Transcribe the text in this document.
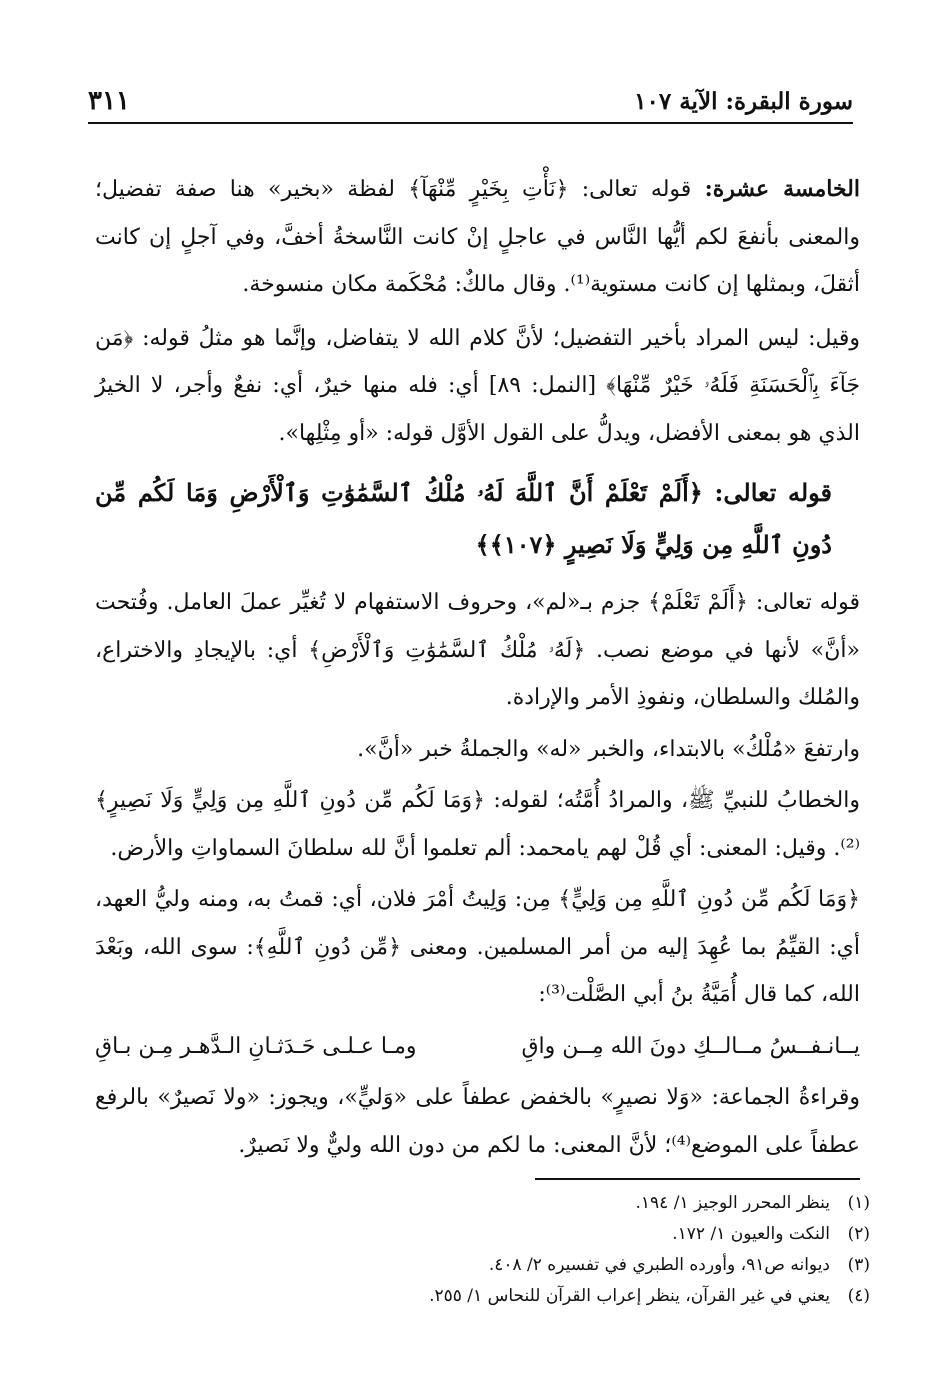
سورة البقرة: الآية ١٠٧
٣١١

الخامسة عشرة: قوله تعالى: ﴿نَأْتِ بِخَيْرٍ مِّنْهَآ﴾ لفظة «بخير» هنا صفة تفضيل؛ والمعنى بأنفعَ لكم أيُّها النَّاس في عاجلٍ إنْ كانت النَّاسخةُ أخفَّ، وفي آجلٍ إن كانت أثقلَ، وبمثلها إن كانت مستوية⁽¹⁾. وقال مالكٌ: مُحْكَمة مكان منسوخة.

وقيل: ليس المراد بأخير التفضيل؛ لأنَّ كلام الله لا يتفاضل، وإنَّما هو مثلُ قوله: ﴿مَن جَآءَ بِٱلْحَسَنَةِ فَلَهُۥ خَيْرٌ مِّنْهَا﴾ [النمل: ٨٩] أي: فله منها خيرٌ، أي: نفعٌ وأجر، لا الخيرُ الذي هو بمعنى الأفضل، ويدلُّ على القول الأوَّل قوله: «أو مِثْلِها».

قوله تعالى: ﴿أَلَمْ تَعْلَمْ أَنَّ ٱللَّهَ لَهُۥ مُلْكُ ٱلسَّمَٰوَٰتِ وَٱلْأَرْضِ وَمَا لَكُم مِّن دُونِ ٱللَّهِ مِن وَلِيٍّ وَلَا نَصِيرٍ ﴿١٠٧﴾﴾

قوله تعالى: ﴿أَلَمْ تَعْلَمْ﴾ جزم بـ«لم»، وحروف الاستفهام لا تُغيِّر عملَ العامل. وفُتحت «أنَّ» لأنها في موضع نصب. ﴿لَهُۥ مُلْكُ ٱلسَّمَٰوَٰتِ وَٱلْأَرْضِ﴾ أي: بالإيجادِ والاختراع، والمُلك والسلطان، ونفوذِ الأمر والإرادة.

وارتفعَ «مُلْكُ» بالابتداء، والخبر «له» والجملةُ خبر «أنَّ».

والخطابُ للنبيِّ ﷺ، والمرادُ أُمَّتُه؛ لقوله: ﴿وَمَا لَكُم مِّن دُونِ ٱللَّهِ مِن وَلِيٍّ وَلَا نَصِيرٍ﴾⁽²⁾. وقيل: المعنى: أي قُلْ لهم يامحمد: ألم تعلموا أنَّ لله سلطانَ السماواتِ والأرض.

﴿وَمَا لَكُم مِّن دُونِ ٱللَّهِ مِن وَلِيٍّ﴾ مِن: وَلِيتُ أمْرَ فلان، أي: قمتُ به، ومنه وليُّ العهد، أي: القيِّمُ بما عُهِدَ إليه من أمر المسلمين. ومعنى ﴿مِّن دُونِ ٱللَّهِ﴾: سوى الله، وبَعْدَ الله، كما قال أُمَيَّةُ بنُ أبي الصَّلْت⁽³⁾:

يــانـفــسُ مــالــكِ دونَ الله مِــن واقِ
ومـا عـلـى حَـدَثـانِ الـدَّهـر مِـن بـاقِ

وقراءةُ الجماعة: «وَلا نصيرٍ» بالخفض عطفاً على «وَليٍّ»، ويجوز: «ولا نَصيرٌ» بالرفع عطفاً على الموضع⁽⁴⁾؛ لأنَّ المعنى: ما لكم من دون الله وليٌّ ولا نَصيرٌ.

(١)ينظر المحرر الوجيز ١/ ١٩٤.

(٢)النكت والعيون ١/ ١٧٢.

(٣)ديوانه ص٩١، وأورده الطبري في تفسيره ٢/ ٤٠٨.

(٤)يعني في غير القرآن، ينظر إعراب القرآن للنحاس ١/ ٢٥٥.
